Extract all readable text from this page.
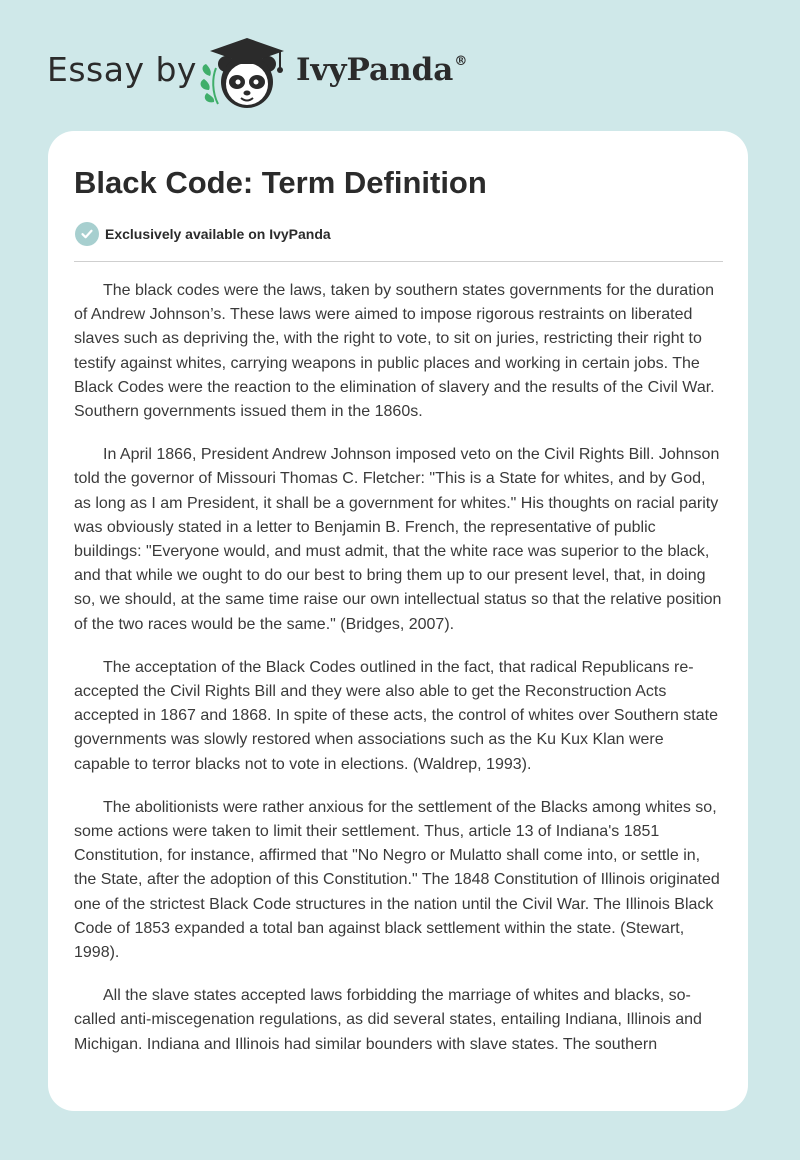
Essay by	IvyPanda®
Black Code: Term Definition
Exclusively available on IvyPanda

The black codes were the laws, taken by southern states governments for the duration of Andrew Johnson’s. These laws were aimed to impose rigorous restraints on liberated slaves such as depriving the, with the right to vote, to sit on juries, restricting their right to testify against whites, carrying weapons in public places and working in certain jobs. The Black Codes were the reaction to the elimination of slavery and the results of the Civil War. Southern governments issued them in the 1860s.

In April 1866, President Andrew Johnson imposed veto on the Civil Rights Bill. Johnson told the governor of Missouri Thomas C. Fletcher: "This is a State for whites, and by God, as long as I am President, it shall be a government for whites." His thoughts on racial parity was obviously stated in a letter to Benjamin B. French, the representative of public buildings: "Everyone would, and must admit, that the white race was superior to the black, and that while we ought to do our best to bring them up to our present level, that, in doing so, we should, at the same time raise our own intellectual status so that the relative position of the two races would be the same." (Bridges, 2007).

The acceptation of the Black Codes outlined in the fact, that radical Republicans re-accepted the Civil Rights Bill and they were also able to get the Reconstruction Acts accepted in 1867 and 1868. In spite of these acts, the control of whites over Southern state governments was slowly restored when associations such as the Ku Kux Klan were capable to terror blacks not to vote in elections. (Waldrep, 1993).

The abolitionists were rather anxious for the settlement of the Blacks among whites so, some actions were taken to limit their settlement. Thus, article 13 of Indiana's 1851 Constitution, for instance, affirmed that "No Negro or Mulatto shall come into, or settle in, the State, after the adoption of this Constitution." The 1848 Constitution of Illinois originated one of the strictest Black Code structures in the nation until the Civil War. The Illinois Black Code of 1853 expanded a total ban against black settlement within the state. (Stewart, 1998).

All the slave states accepted laws forbidding the marriage of whites and blacks, so-called anti-miscegenation regulations, as did several states, entailing Indiana, Illinois and Michigan. Indiana and Illinois had similar bounders with slave states. The southern
